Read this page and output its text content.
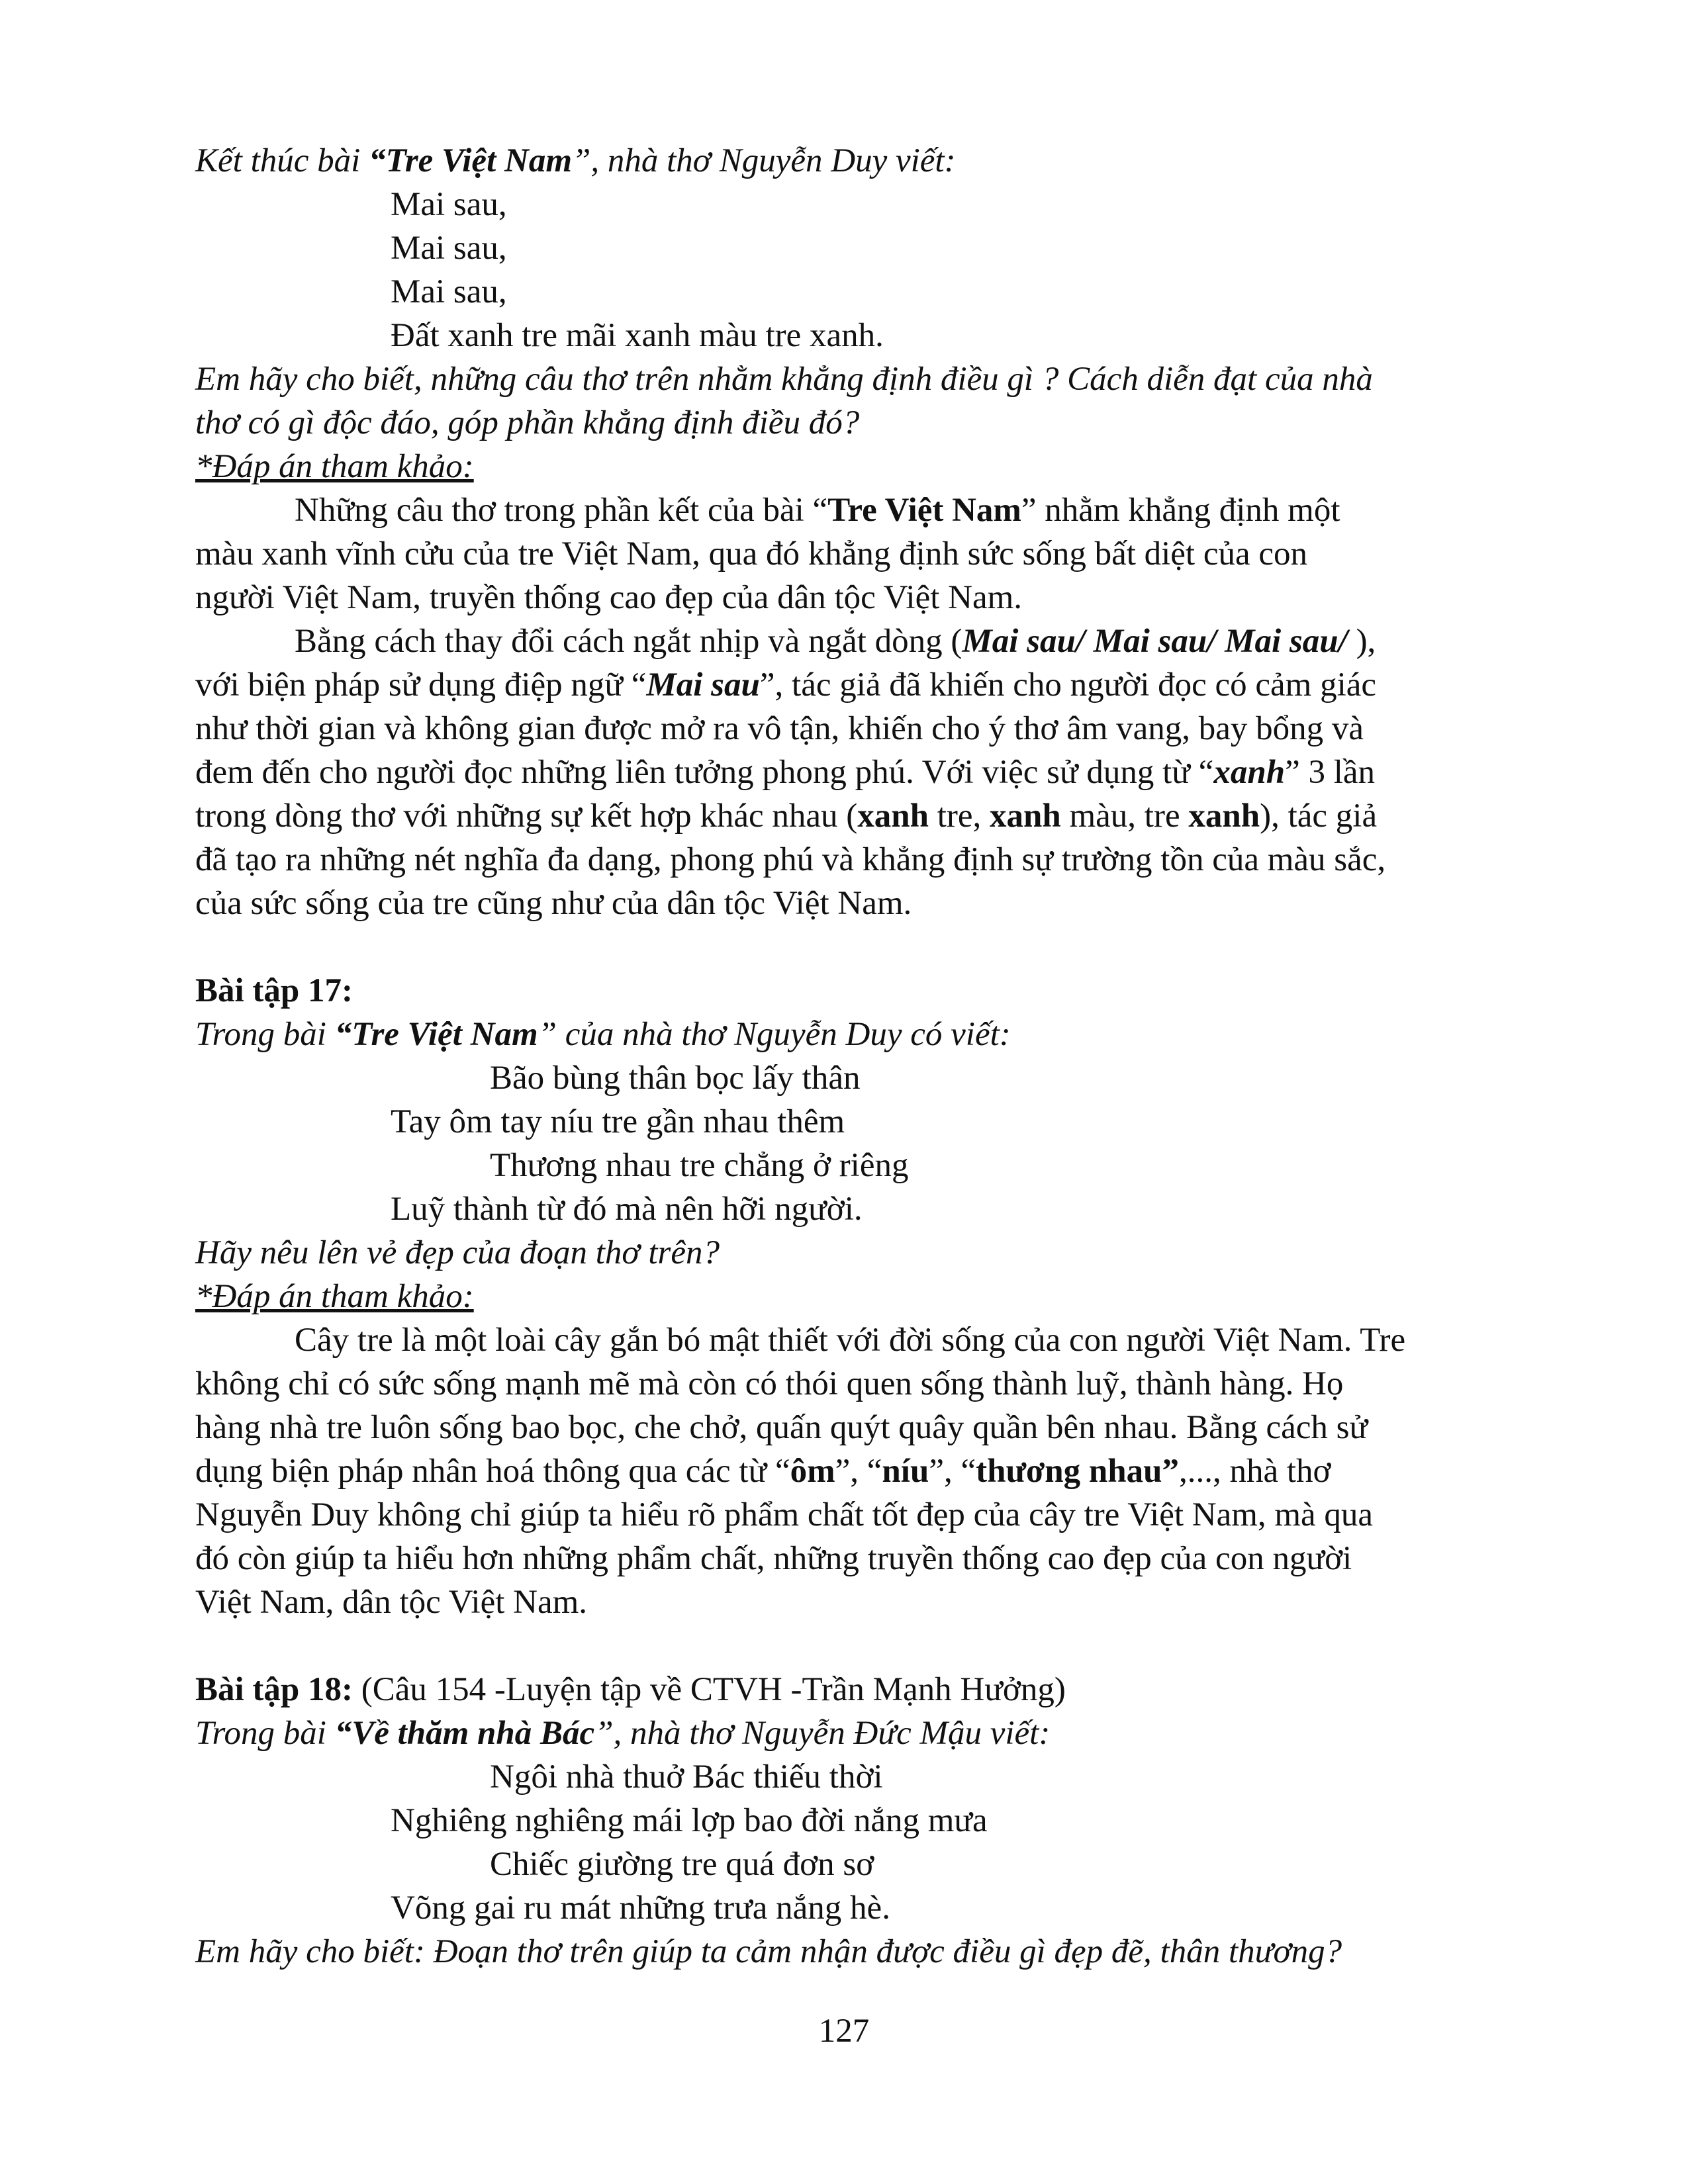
Kết thúc bài “Tre Việt Nam”, nhà thơ Nguyễn Duy viết:
Mai sau,
Mai sau,
Mai sau,
Đất xanh tre mãi xanh màu tre xanh.
Em hãy cho biết, những câu thơ trên nhằm khẳng định điều gì ? Cách diễn đạt của nhà
thơ có gì độc đáo, góp phần khẳng định điều đó?
*Đáp án tham khảo:
Những câu thơ trong phần kết của bài “Tre Việt Nam” nhằm khẳng định một
màu xanh vĩnh cửu của tre Việt Nam, qua đó khẳng định sức sống bất diệt của con
người Việt Nam, truyền thống cao đẹp của dân tộc Việt Nam.
Bằng cách thay đổi cách ngắt nhịp và ngắt dòng (Mai sau/ Mai sau/ Mai sau/ ),
với biện pháp sử dụng điệp ngữ “Mai sau”, tác giả đã khiến cho người đọc có cảm giác
như thời gian và không gian được mở ra vô tận, khiến cho ý thơ âm vang, bay bổng và
đem đến cho người đọc những liên tưởng phong phú. Với việc sử dụng từ “xanh” 3 lần
trong dòng thơ với những sự kết hợp khác nhau (xanh tre, xanh màu, tre xanh), tác giả
đã tạo ra những nét nghĩa đa dạng, phong phú và khẳng định sự trường tồn của màu sắc,
của sức sống của tre cũng như của dân tộc Việt Nam.
Bài tập 17:
Trong bài “Tre Việt Nam” của nhà thơ Nguyễn Duy có viết:
Bão bùng thân bọc lấy thân
Tay ôm tay níu tre gần nhau thêm
Thương nhau tre chẳng ở riêng
Luỹ thành từ đó mà nên hỡi người.
Hãy nêu lên vẻ đẹp của đoạn thơ trên?
*Đáp án tham khảo:
Cây tre là một loài cây gắn bó mật thiết với đời sống của con người Việt Nam. Tre
không chỉ có sức sống mạnh mẽ mà còn có thói quen sống thành luỹ, thành hàng. Họ
hàng nhà tre luôn sống bao bọc, che chở, quấn quýt quây quần bên nhau. Bằng cách sử
dụng biện pháp nhân hoá thông qua các từ “ôm”, “níu”, “thương nhau”,..., nhà thơ
Nguyễn Duy không chỉ giúp ta hiểu rõ phẩm chất tốt đẹp của cây tre Việt Nam, mà qua
đó còn giúp ta hiểu hơn những phẩm chất, những truyền thống cao đẹp của con người
Việt Nam, dân tộc Việt Nam.
Bài tập 18: (Câu 154 -Luyện tập về CTVH -Trần Mạnh Hưởng)
Trong bài “Về thăm nhà Bác”, nhà thơ Nguyễn Đức Mậu viết:
Ngôi nhà thuở Bác thiếu thời
Nghiêng nghiêng mái lợp bao đời nắng mưa
Chiếc giường tre quá đơn sơ
Võng gai ru mát những trưa nắng hè.
Em hãy cho biết: Đoạn thơ trên giúp ta cảm nhận được điều gì đẹp đẽ, thân thương?
127
